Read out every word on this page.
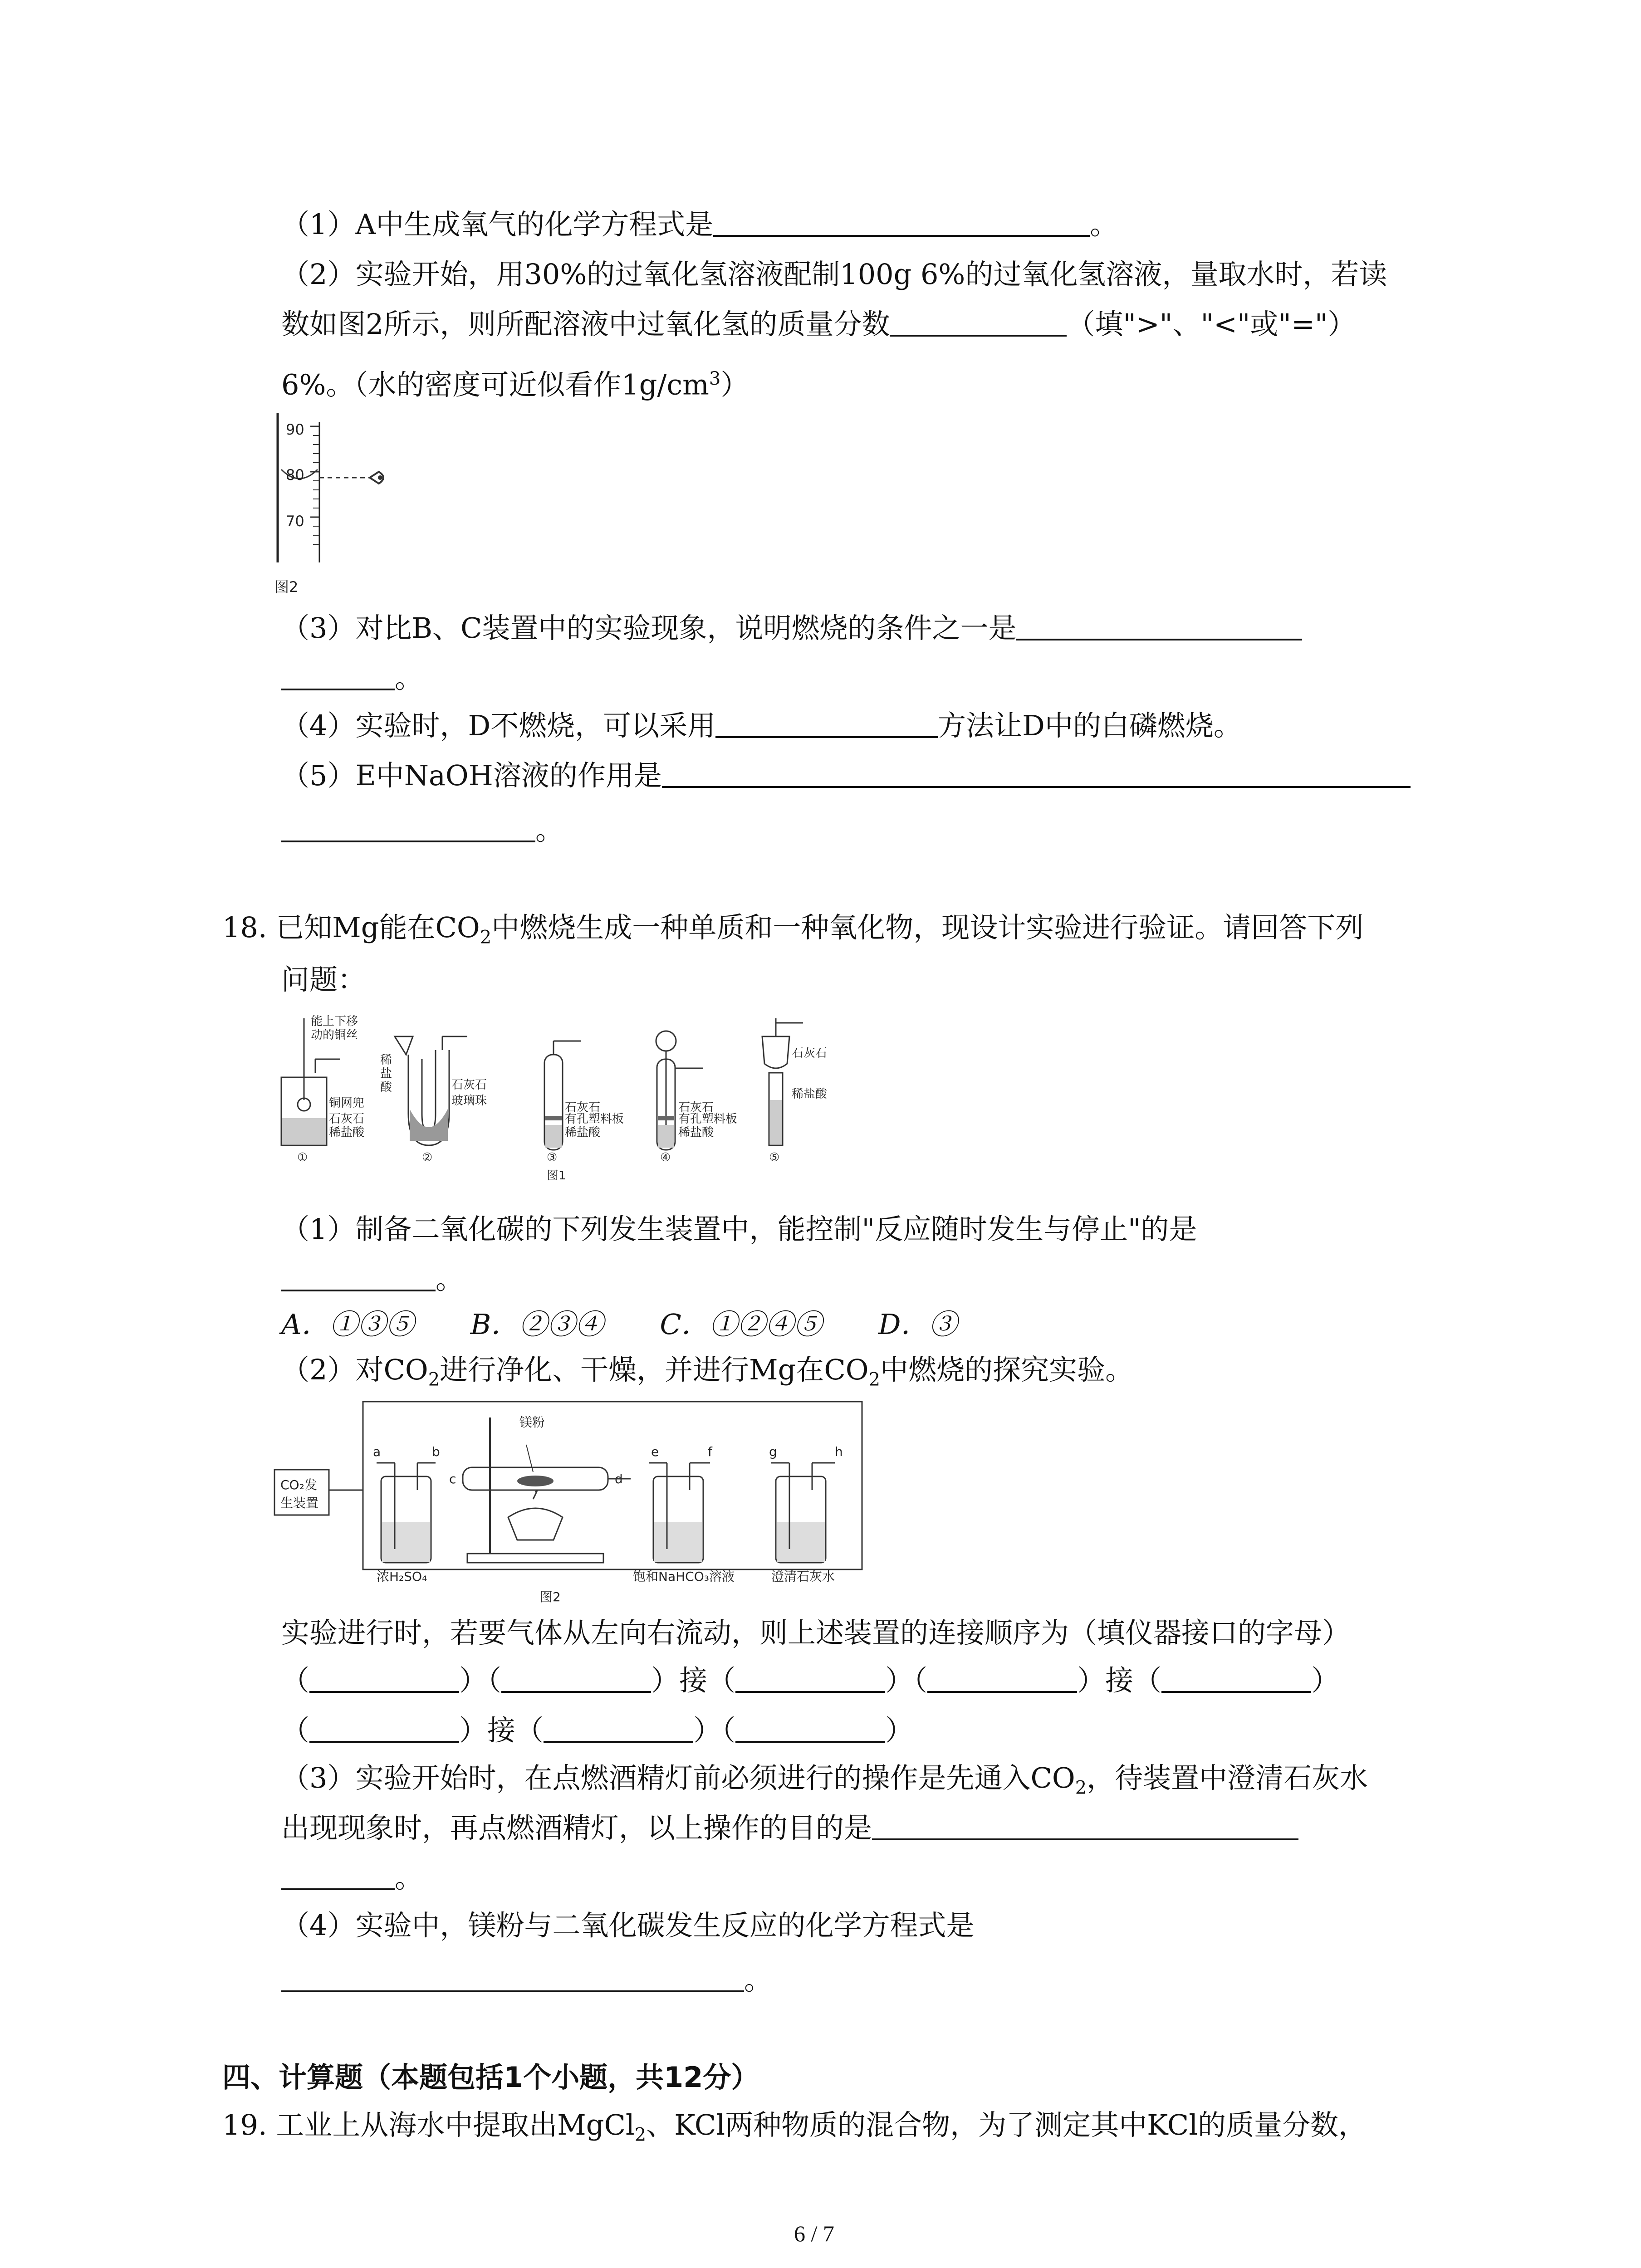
（1）A中生成氧气的化学方程式是	。
（2）实验开始，用30%的过氧化氢溶液配制100g 6%的过氧化氢溶液，量取水时，若读
数如图2所示，则所配溶液中过氧化氢的质量分数	（填">"、"<"或"="）
6%。（水的密度可近似看作$1g/cm^3$）
90
80
70
图2
（3）对比B、C装置中的实验现象，说明燃烧的条件之一是
。
（4）实验时，D不燃烧，可以采用	方法让D中的白磷燃烧。
（5）E中NaOH溶液的作用是
。
18. 已知Mg能在$CO_2$中燃烧生成一种单质和一种氧化物，现设计实验进行验证。请回答下列
问题：
能上下移
动的铜丝
铜网兜
石灰石
稀盐酸
①
稀
盐
酸	石灰石
玻璃珠
②
石灰石
有孔塑料板
稀盐酸
③
图1
石灰石
有孔塑料板
稀盐酸
④
石灰石
稀盐酸
⑤
（1）制备二氧化碳的下列发生装置中，能控制"反应随时发生与停止"的是
。
A．①③⑤　　B．②③④　　C．①②④⑤　　D．③
（2）对$CO_2$进行净化、干燥，并进行Mg在$CO_2$中燃烧的探究实验。
CO₂发
生装置
a	b
浓H₂SO₄
镁粉
c	d
e	f
饱和NaHCO₃溶液
g	h
澄清石灰水
图2
实验进行时，若要气体从左向右流动，则上述装置的连接顺序为（填仪器接口的字母）
（	）（	）接（	）（	）接（	）
（	）接（	）（	）
（3）实验开始时，在点燃酒精灯前必须进行的操作是先通入$CO_2$，待装置中澄清石灰水
出现现象时，再点燃酒精灯，以上操作的目的是
。
（4）实验中，镁粉与二氧化碳发生反应的化学方程式是
。
四、计算题（本题包括1个小题，共12分）
19. 工业上从海水中提取出MgCl$_2$、KCl两种物质的混合物，为了测定其中KCl的质量分数，
6 / 7
